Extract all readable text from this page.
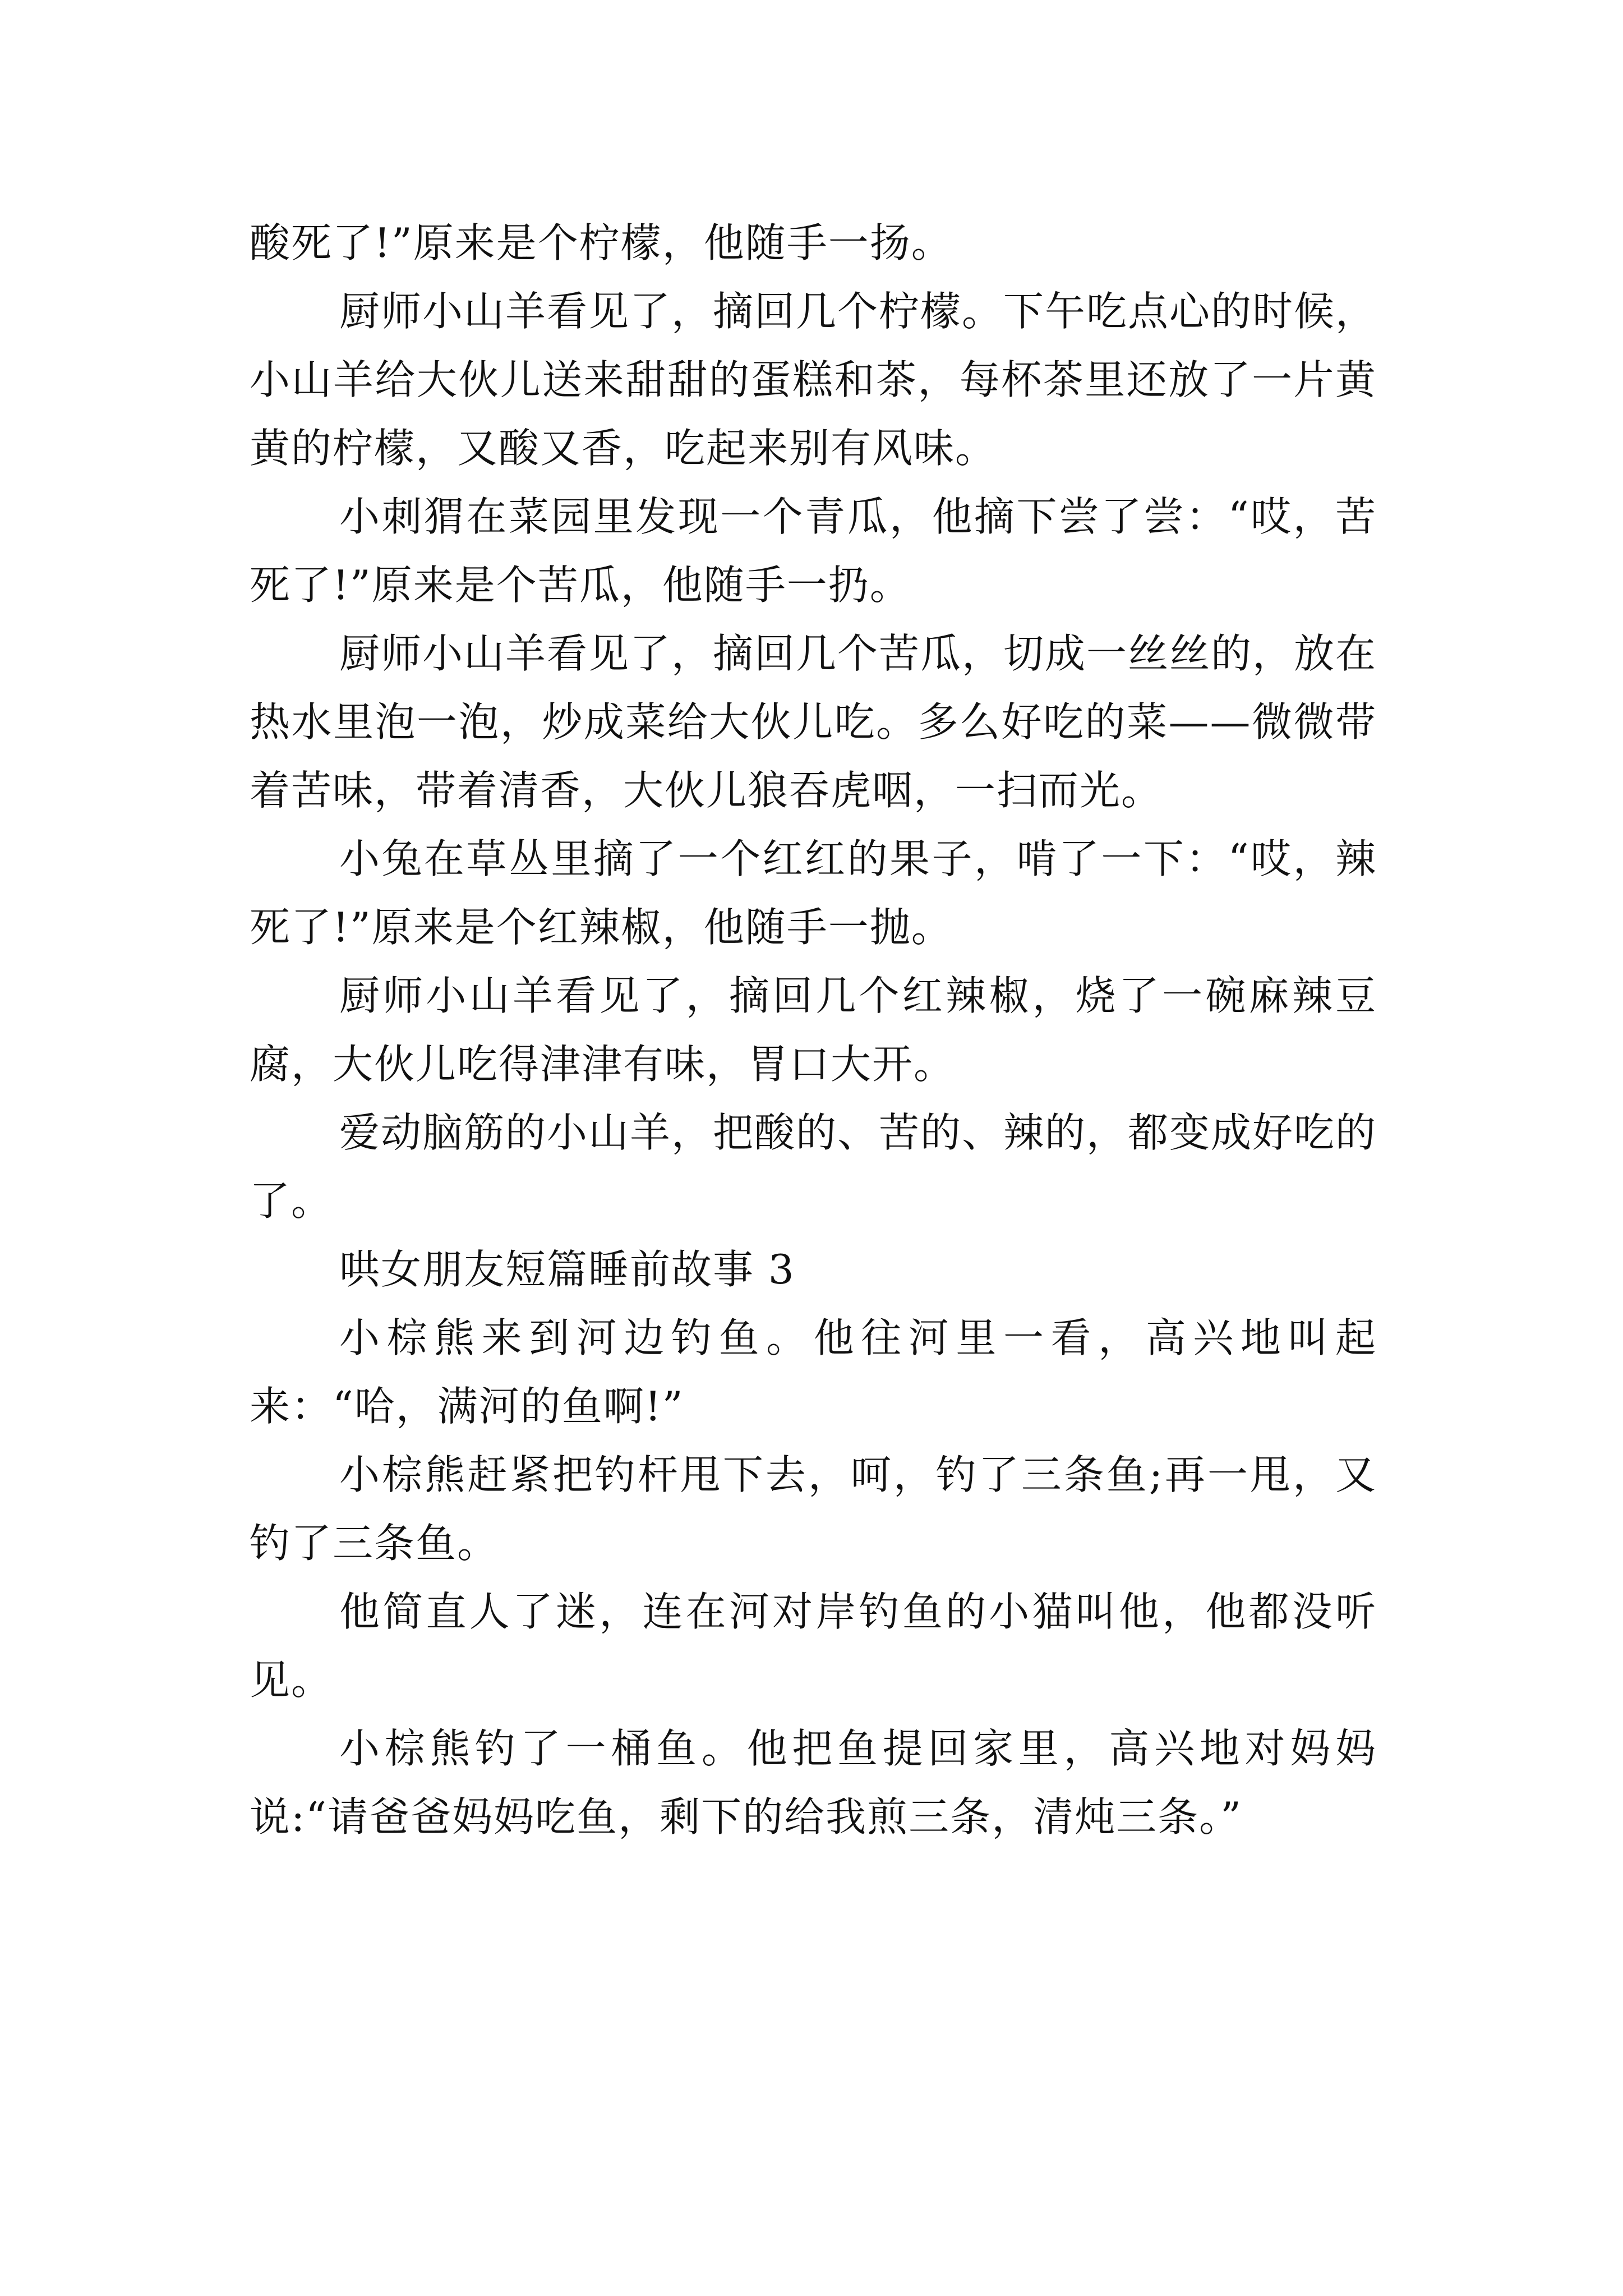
酸死了!”原来是个柠檬，他随手一扬。

厨师小山羊看见了，摘回几个柠檬。下午吃点心的时候，小山羊给大伙儿送来甜甜的蛋糕和茶，每杯茶里还放了一片黄黄的柠檬，又酸又香，吃起来别有风味。

小刺猬在菜园里发现一个青瓜，他摘下尝了尝：“哎，苦死了!”原来是个苦瓜，他随手一扔。

厨师小山羊看见了，摘回几个苦瓜，切成一丝丝的，放在热水里泡一泡，炒成菜给大伙儿吃。多么好吃的菜——微微带着苦味，带着清香，大伙儿狼吞虎咽，一扫而光。

小兔在草丛里摘了一个红红的果子，啃了一下：“哎，辣死了!”原来是个红辣椒，他随手一抛。

厨师小山羊看见了，摘回几个红辣椒，烧了一碗麻辣豆腐，大伙儿吃得津津有味，胃口大开。

爱动脑筋的小山羊，把酸的、苦的、辣的，都变成好吃的了。

哄女朋友短篇睡前故事 3

小棕熊来到河边钓鱼。他往河里一看，高兴地叫起来：“哈，满河的鱼啊!”

小棕熊赶紧把钓杆甩下去，呵，钓了三条鱼;再一甩，又钓了三条鱼。

他简直人了迷，连在河对岸钓鱼的小猫叫他，他都没听见。

小棕熊钓了一桶鱼。他把鱼提回家里，高兴地对妈妈说:“请爸爸妈妈吃鱼，剩下的给我煎三条，清炖三条。”
